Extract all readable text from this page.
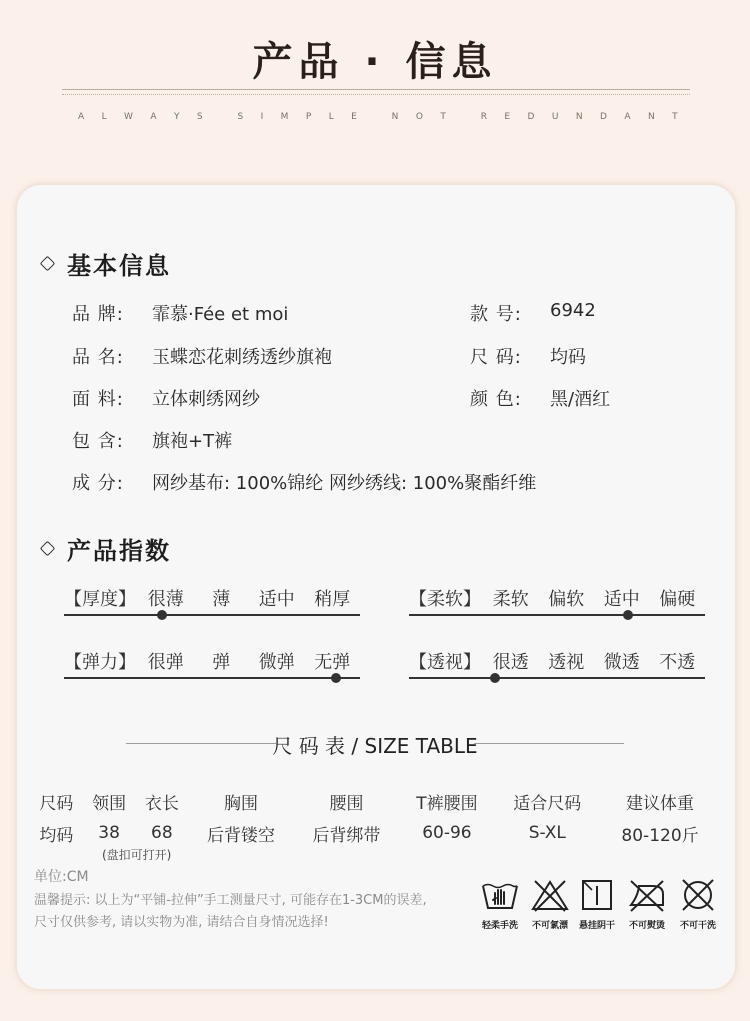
产品 · 信息
A L W A Y S	S I M P L E	N O T	R E D U N D A N T
基本信息
品 牌:	霏慕·Fée et moi	款 号:	6942
品 名:	玉蝶恋花刺绣透纱旗袍	尺 码:	均码
面 料:	立体刺绣网纱	颜 色:	黑/酒红
包 含:	旗袍+T裤
成 分:	网纱基布: 100%锦纶 网纱绣线: 100%聚酯纤维
产品指数
【厚度】 很薄	薄	适中	稍厚	【柔软】 柔软	偏软	适中	偏硬
【弹力】 很弹	弹	微弹	无弹	【透视】 很透	透视	微透	不透
尺 码 表 / SIZE TABLE
尺码	领围	衣长	胸围	腰围	T裤腰围	适合尺码	建议体重
均码	38	68	后背镂空	后背绑带	60-96	S-XL	80-120斤
(盘扣可打开)
单位:CM
温馨提示: 以上为“平铺-拉伸”手工测量尺寸, 可能存在1-3CM的误差,
尺寸仅供参考, 请以实物为准, 请结合自身情况选择!	轻柔手洗	不可氯漂	悬挂阴干	不可熨烫	不可干洗
